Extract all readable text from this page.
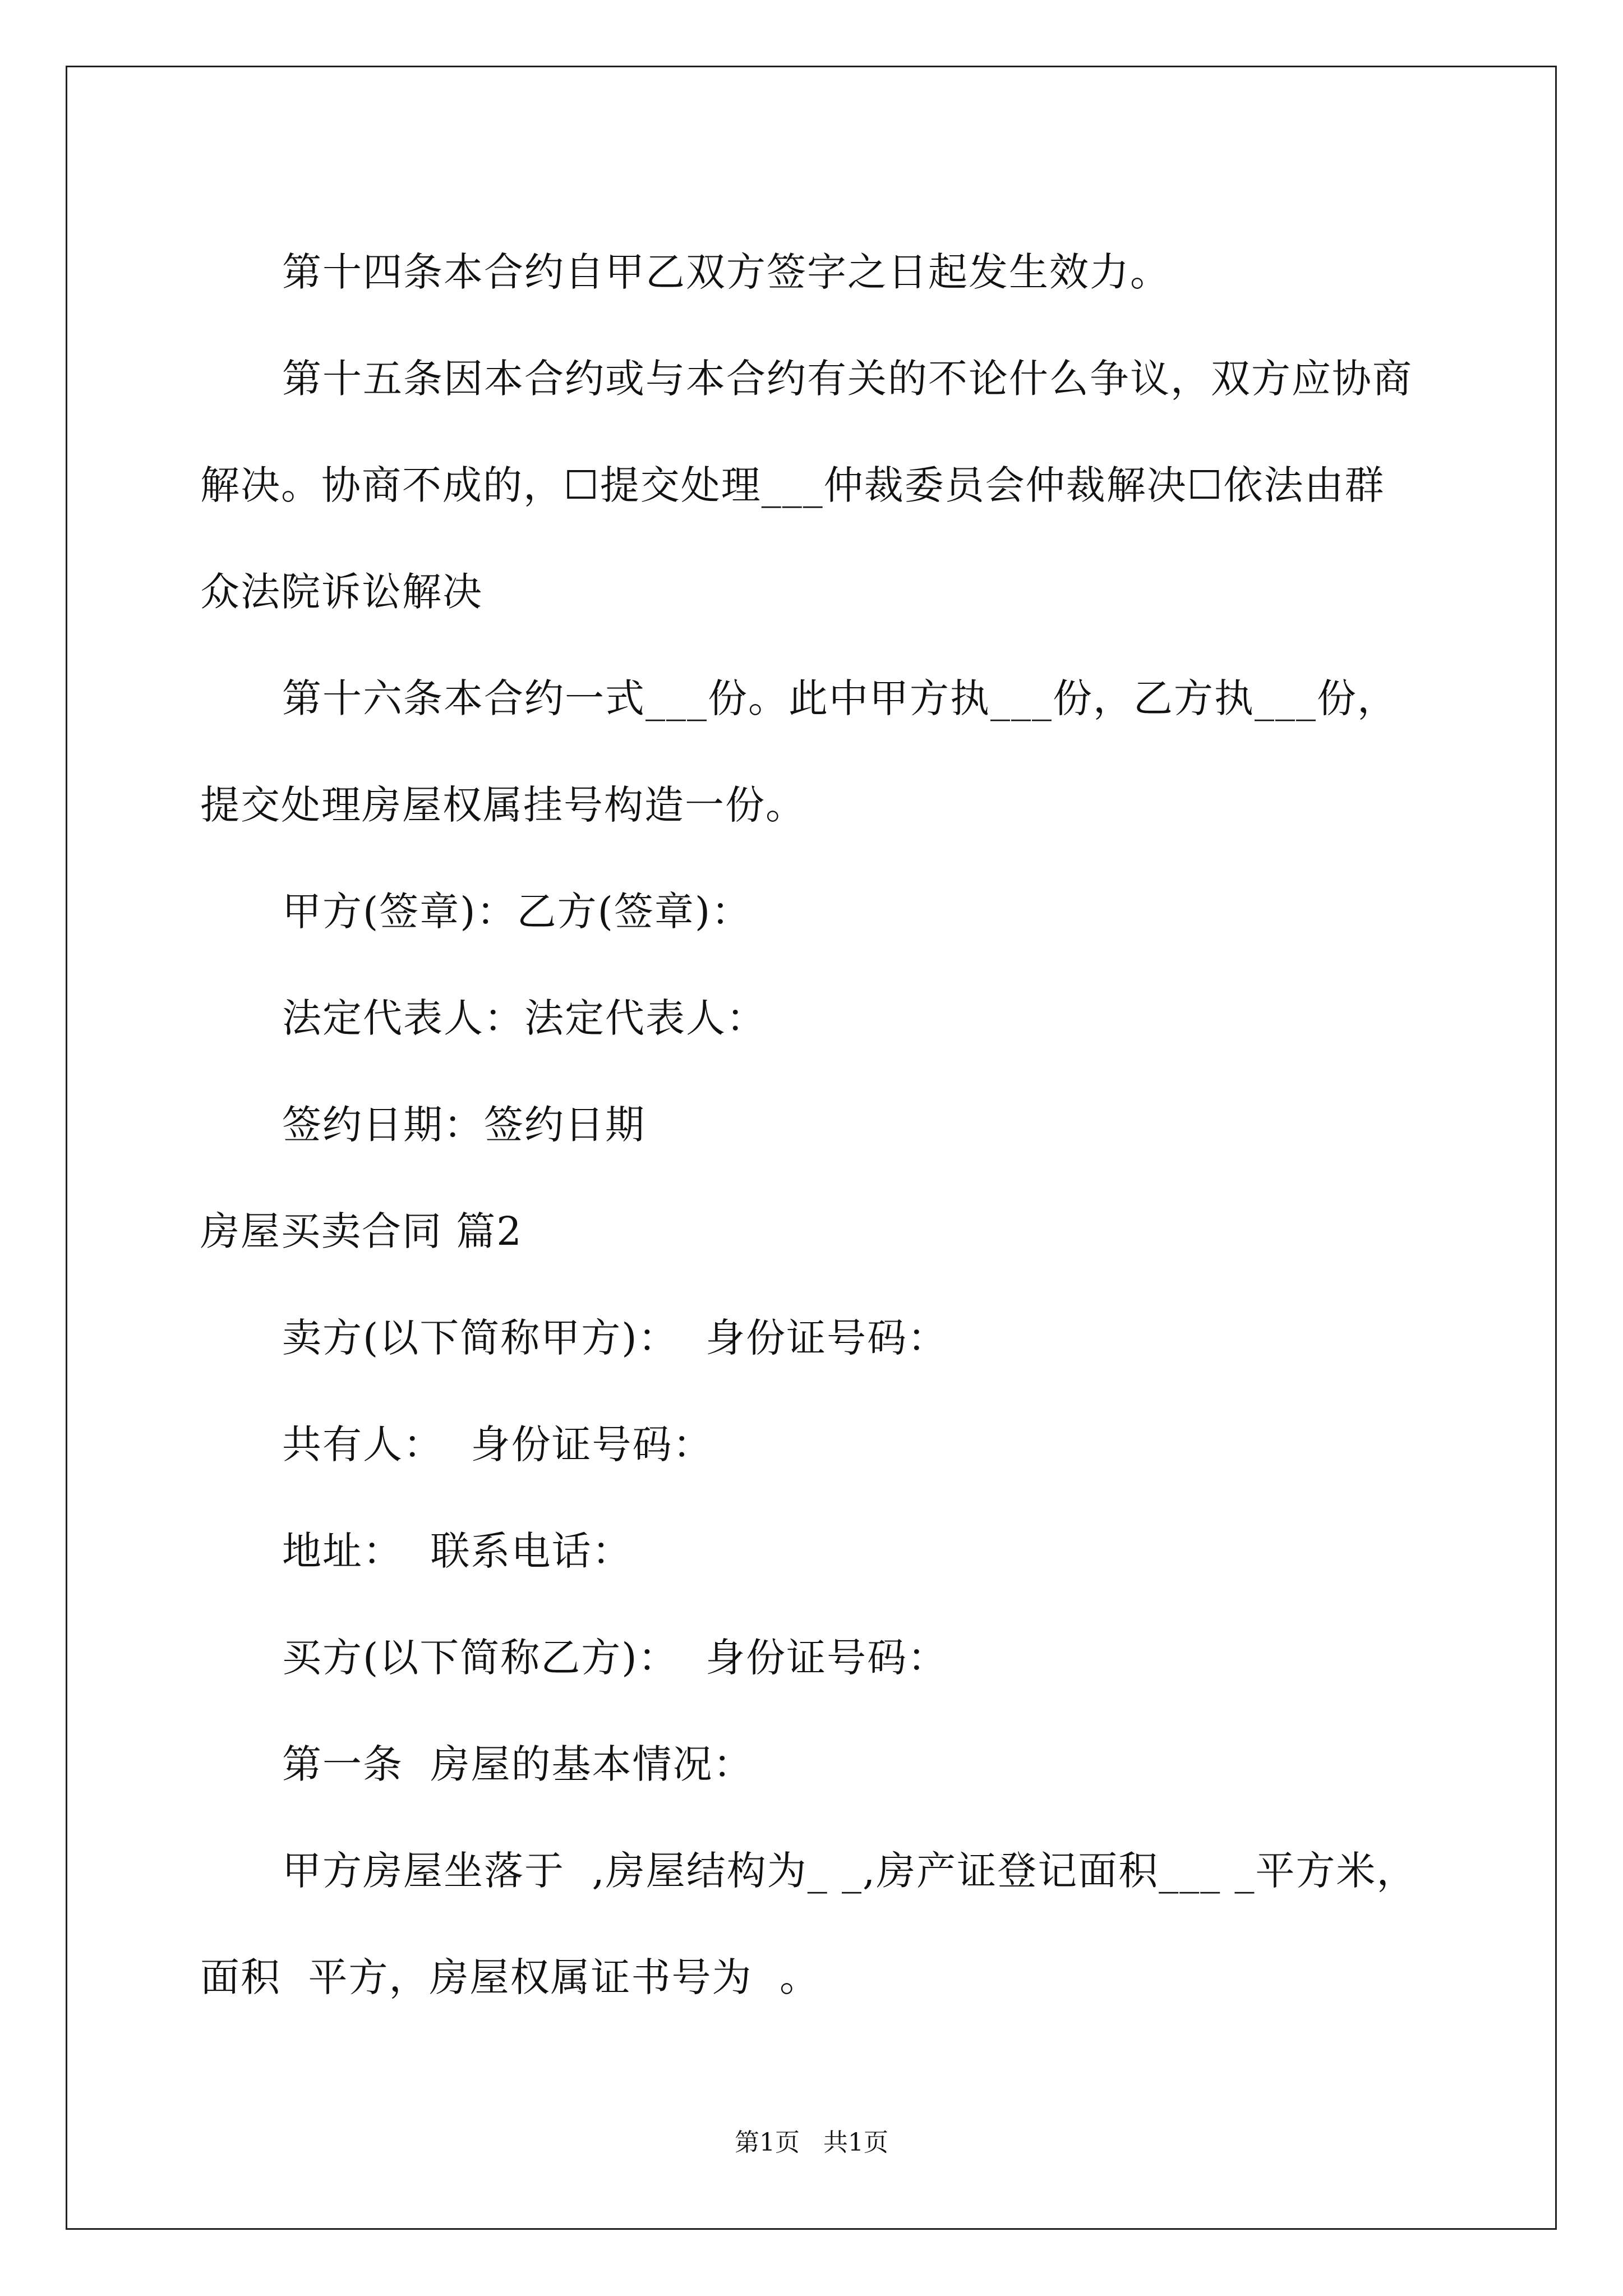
第十四条本合约自甲乙双方签字之日起发生效力。

第十五条因本合约或与本合约有关的不论什么争议，双方应协商解决。协商不成的，☐提交处理___仲裁委员会仲裁解决☐依法由群众法院诉讼解决

第十六条本合约一式___份。此中甲方执___份，乙方执___份，提交处理房屋权属挂号构造一份。

甲方(签章)：乙方(签章)：

法定代表人：法定代表人：

签约日期：签约日期

房屋买卖合同 篇2

卖方(以下简称甲方)：  身份证号码：

共有人：  身份证号码：

地址：  联系电话：

买方(以下简称乙方)：  身份证号码：

第一条  房屋的基本情况：

甲方房屋坐落于  ,房屋结构为_ _,房产证登记面积___ _平方米，面积  平方，房屋权属证书号为  。

第1页   共1页
